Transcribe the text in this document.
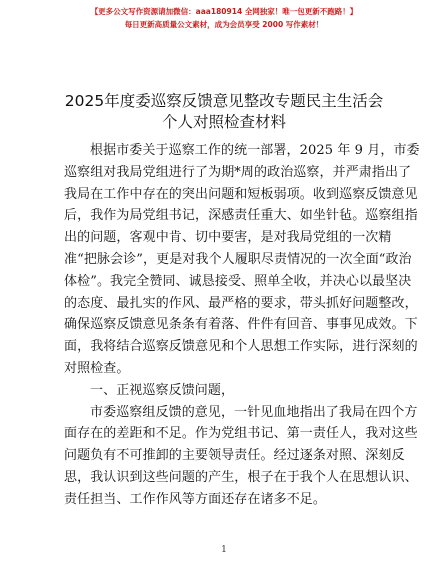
【更多公文写作资源请加微信：aaa180914 全网独家！唯一包更新不跑路！】
每日更新高质量公文素材，成为会员享受 2000 写作素材！
2025年度委巡察反馈意见整改专题民主生活会
个人对照检查材料
根据市委关于巡察工作的统一部署，2025 年 9 月，市委
巡察组对我局党组进行了为期*周的政治巡察，并严肃指出了
我局在工作中存在的突出问题和短板弱项。收到巡察反馈意见
后，我作为局党组书记，深感责任重大、如坐针毡。巡察组指
出的问题，客观中肯、切中要害，是对我局党组的一次精
准“把脉会诊”，更是对我个人履职尽责情况的一次全面“政治
体检”。我完全赞同、诚恳接受、照单全收，并决心以最坚决
的态度、最扎实的作风、最严格的要求，带头抓好问题整改，
确保巡察反馈意见条条有着落、件件有回音、事事见成效。下
面，我将结合巡察反馈意见和个人思想工作实际，进行深刻的
对照检查。
一、正视巡察反馈问题，
市委巡察组反馈的意见，一针见血地指出了我局在四个方
面存在的差距和不足。作为党组书记、第一责任人，我对这些
问题负有不可推卸的主要领导责任。经过逐条对照、深刻反
思，我认识到这些问题的产生，根子在于我个人在思想认识、
责任担当、工作作风等方面还存在诸多不足。
1
